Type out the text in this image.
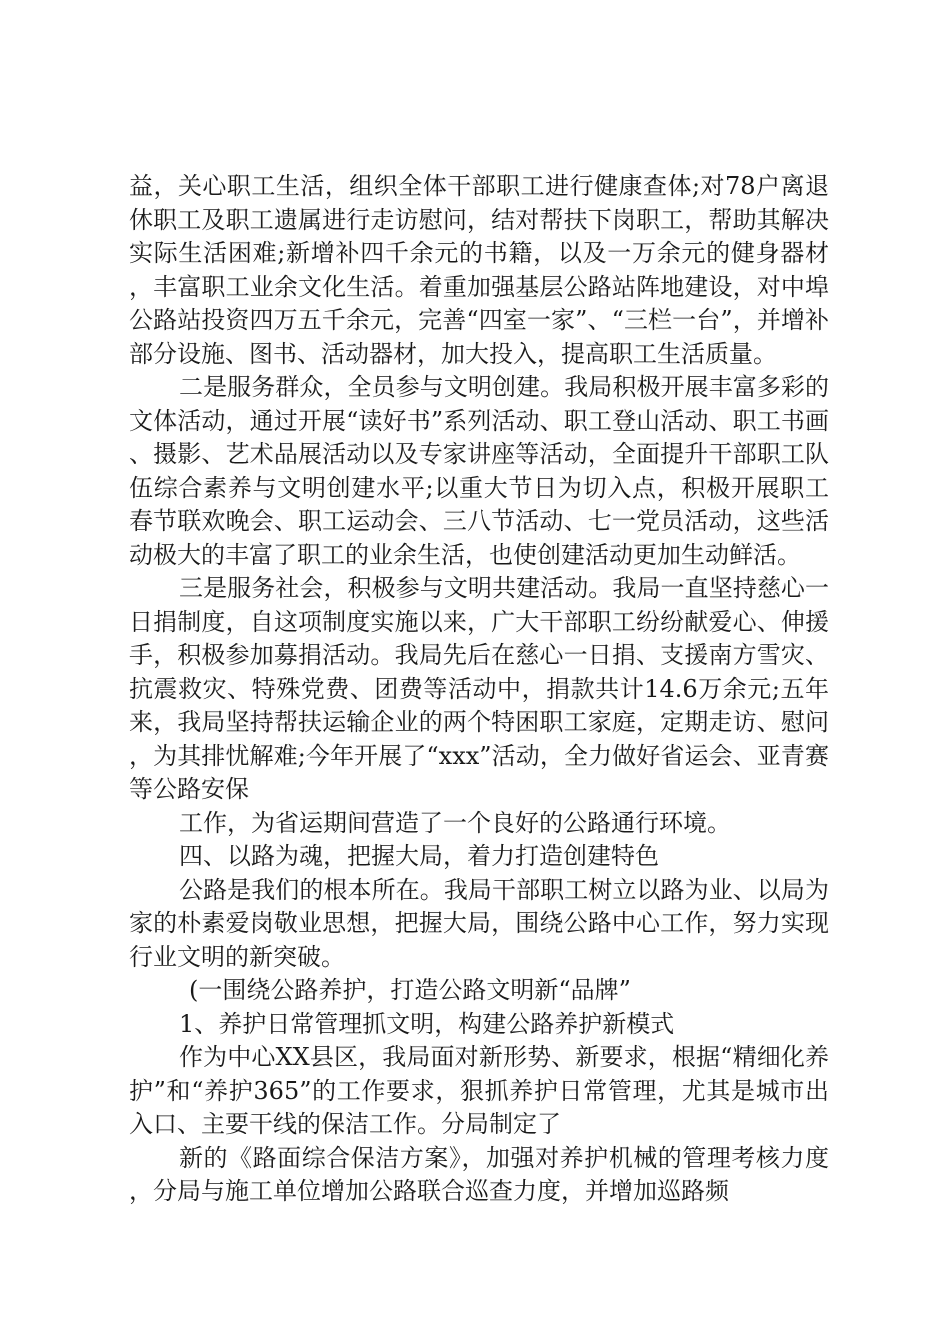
益，关心职工生活，组织全体干部职工进行健康查体;对78户离退休职工及职工遗属进行走访慰问，结对帮扶下岗职工，帮助其解决实际生活困难;新增补四千余元的书籍，以及一万余元的健身器材，丰富职工业余文化生活。着重加强基层公路站阵地建设，对中埠公路站投资四万五千余元，完善“四室一家”、“三栏一台”，并增补部分设施、图书、活动器材，加大投入，提高职工生活质量。

二是服务群众，全员参与文明创建。我局积极开展丰富多彩的文体活动，通过开展“读好书”系列活动、职工登山活动、职工书画、摄影、艺术品展活动以及专家讲座等活动，全面提升干部职工队伍综合素养与文明创建水平;以重大节日为切入点，积极开展职工春节联欢晚会、职工运动会、三八节活动、七一党员活动，这些活动极大的丰富了职工的业余生活，也使创建活动更加生动鲜活。

三是服务社会，积极参与文明共建活动。我局一直坚持慈心一日捐制度，自这项制度实施以来，广大干部职工纷纷献爱心、伸援手，积极参加募捐活动。我局先后在慈心一日捐、支援南方雪灾、抗震救灾、特殊党费、团费等活动中，捐款共计14.6万余元;五年来，我局坚持帮扶运输企业的两个特困职工家庭，定期走访、慰问，为其排忧解难;今年开展了“xxx”活动，全力做好省运会、亚青赛等公路安保

工作，为省运期间营造了一个良好的公路通行环境。

四、以路为魂，把握大局，着力打造创建特色

公路是我们的根本所在。我局干部职工树立以路为业、以局为家的朴素爱岗敬业思想，把握大局，围绕公路中心工作，努力实现行业文明的新突破。

(一围绕公路养护，打造公路文明新“品牌”

1、养护日常管理抓文明，构建公路养护新模式

作为中心XX县区，我局面对新形势、新要求，根据“精细化养护”和“养护365”的工作要求，狠抓养护日常管理，尤其是城市出入口、主要干线的保洁工作。分局制定了

新的《路面综合保洁方案》，加强对养护机械的管理考核力度，分局与施工单位增加公路联合巡查力度，并增加巡路频
